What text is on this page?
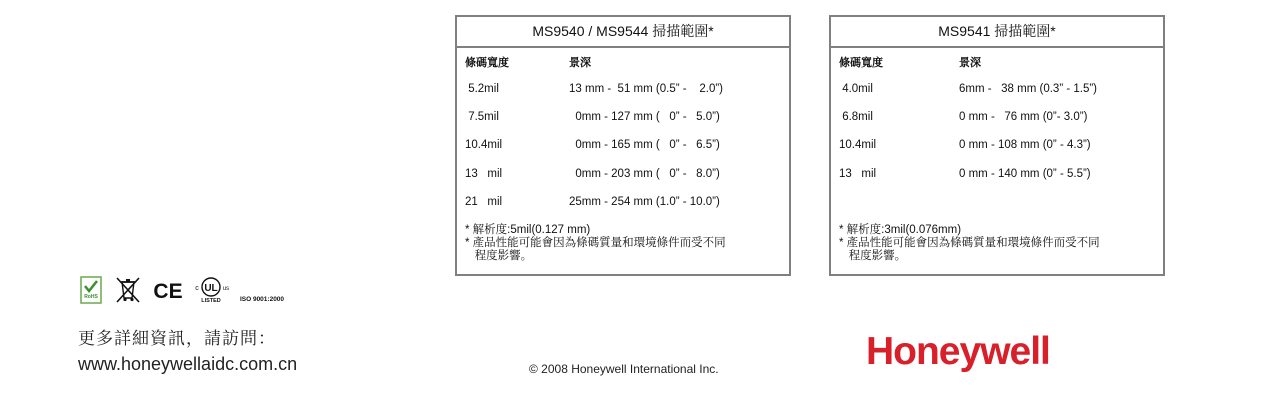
MS9540 / MS9544 掃描範圍*
條碼寬度	景深
5.2mil	13 mm -  51 mm (0.5” -    2.0”)
7.5mil	0mm - 127 mm (   0” -   5.0”)
10.4mil	0mm - 165 mm (   0” -   6.5”)
13   mil	0mm - 203 mm (   0” -   8.0”)
21   mil	25mm - 254 mm (1.0” - 10.0”)
* 解析度:5mil(0.127 mm)
* 產品性能可能會因為條碼質量和環境條件而受不同
程度影響。
MS9541 掃描範圍*
條碼寬度	景深
4.0mil	6mm -   38 mm (0.3” - 1.5”)
6.8mil	0 mm -   76 mm (0”- 3.0”)
10.4mil	0 mm - 108 mm (0” - 4.3”)
13   mil	0 mm - 140 mm (0” - 5.5”)
* 解析度:3mil(0.076mm)
* 產品性能可能會因為條碼質量和環境條件而受不同
程度影響。
RoHS	CE UL
c	us
LISTED	ISO 9001:2000
更多詳細資訊，請訪問：
www.honeywellaidc.com.cn	© 2008 Honeywell International Inc.	Honeywell
